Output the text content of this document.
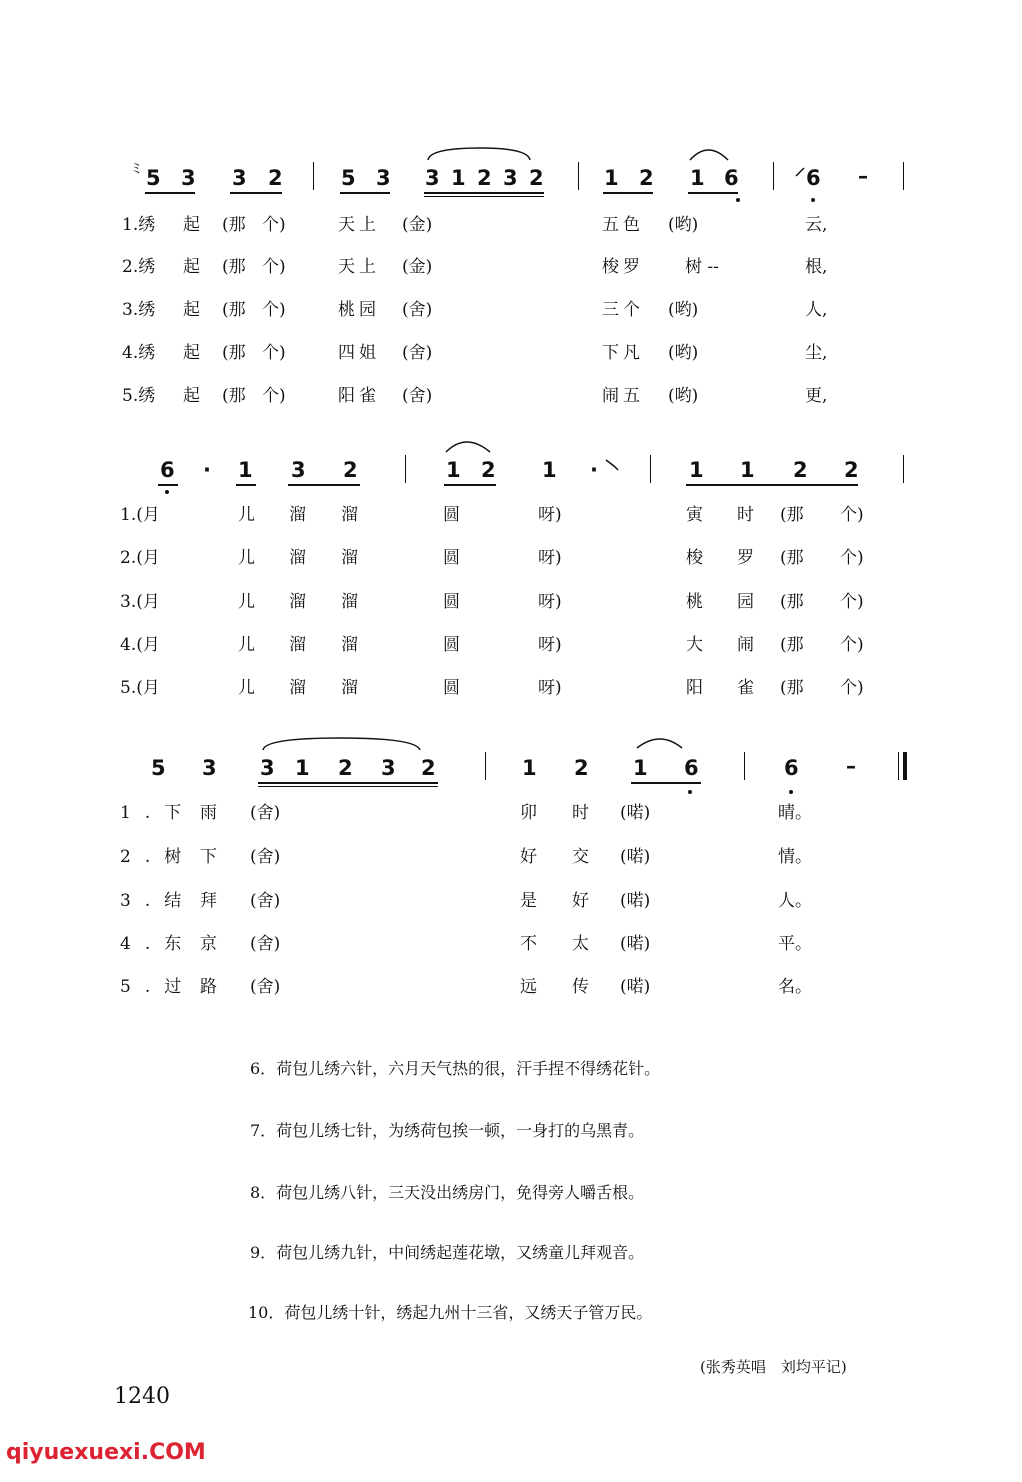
ミ 5 3 3 2	5 3 3 1 2 3 2	1 2 1 6	6 –
1.绣 起 (那 个)	天上 (金)	五色 (哟)	云,
2.绣 起 (那 个)	天上 (金)	梭罗 树 --	根,
3.绣 起 (那 个)	桃园 (舍)	三个 (哟)	人,
4.绣 起 (那 个)	四姐 (舍)	下凡 (哟)	尘,
5.绣 起 (那 个)	阳雀 (舍)	闹五 (哟)	更,
6 · 1 3 2	1 2 1 ·	1 1 2 2
1.(月	儿 溜 溜	圆	呀)	寅 时 (那 个)
2.(月	儿 溜 溜	圆	呀)	梭 罗 (那 个)
3.(月	儿 溜 溜	圆	呀)	桃 园 (那 个)
4.(月	儿 溜 溜	圆	呀)	大 闹 (那 个)
5.(月	儿 溜 溜	圆	呀)	阳 雀 (那 个)
5 3 3 1 2 3 2	1 2 1 6	6 –
1.下 雨 (舍)	卯 时 (喏)	晴。
2.树 下 (舍)	好 交 (喏)	情。
3.结 拜 (舍)	是 好 (喏)	人。
4.东 京 (舍)	不 太 (喏)	平。
5.过 路 (舍)	远 传 (喏)	名。
6．荷包儿绣六针，六月天气热的很，汗手捏不得绣花针。
7．荷包儿绣七针，为绣荷包挨一顿，一身打的乌黑青。
8．荷包儿绣八针，三天没出绣房门，免得旁人嚼舌根。
9．荷包儿绣九针，中间绣起莲花墩，又绣童儿拜观音。
10．荷包儿绣十针，绣起九州十三省，又绣天子管万民。
(张秀英唱　刘均平记)
1240
qiyuexuexi.COM
